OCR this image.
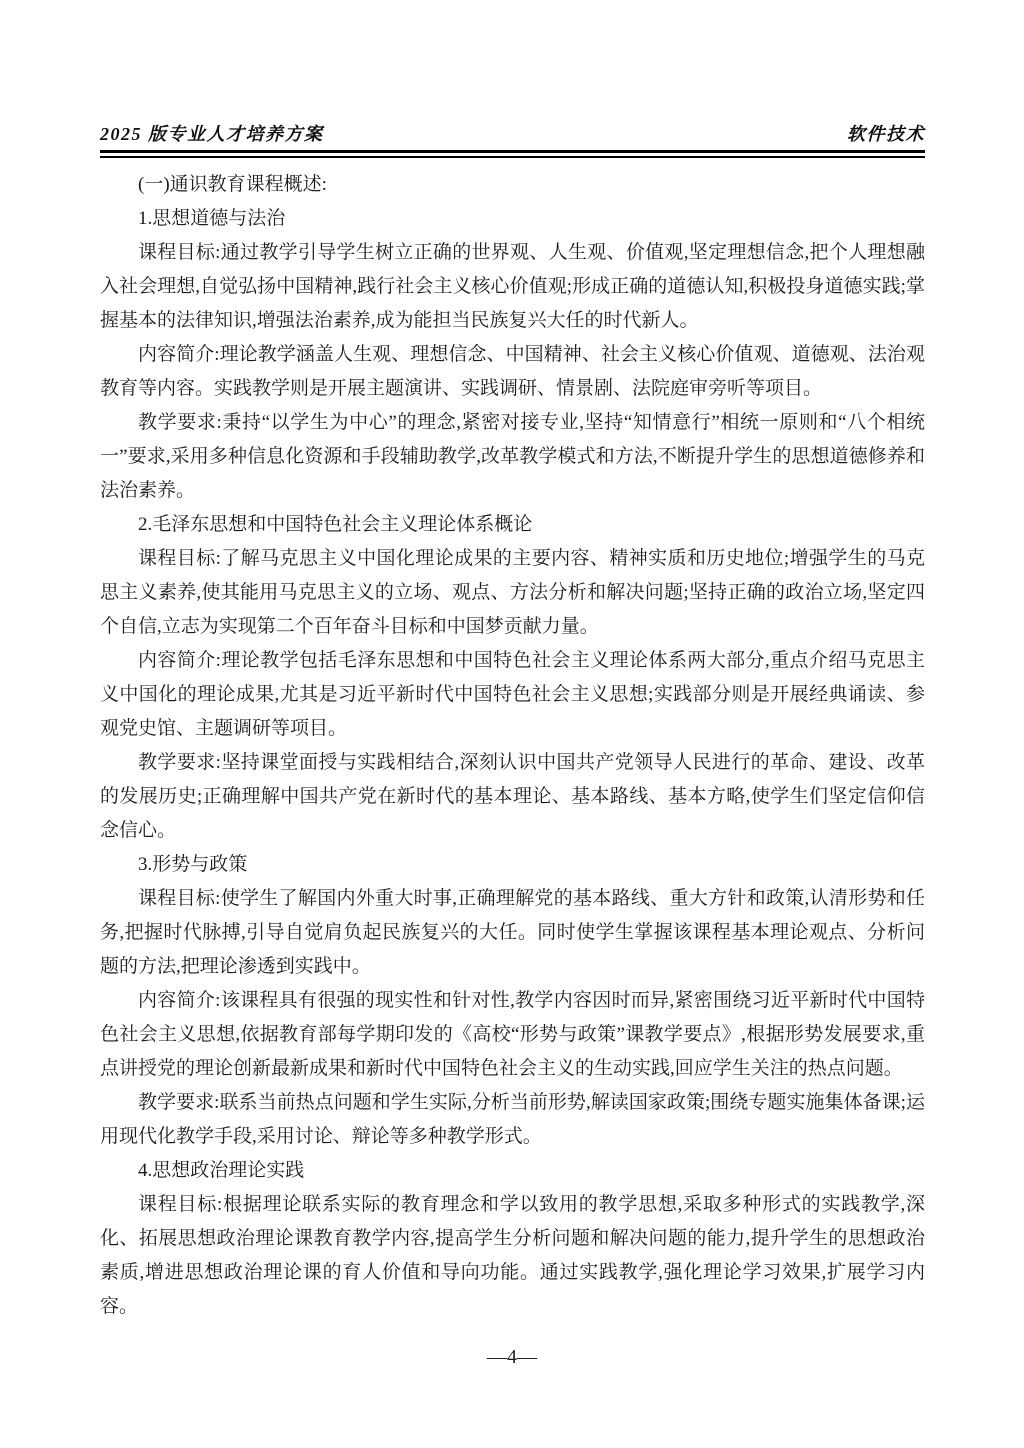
2025 版专业人才培养方案	软件技术

(一)通识教育课程概述:

1.思想道德与法治

课程目标:通过教学引导学生树立正确的世界观、人生观、价值观,坚定理想信念,把个人理想融入社会理想,自觉弘扬中国精神,践行社会主义核心价值观;形成正确的道德认知,积极投身道德实践;掌握基本的法律知识,增强法治素养,成为能担当民族复兴大任的时代新人。

内容简介:理论教学涵盖人生观、理想信念、中国精神、社会主义核心价值观、道德观、法治观教育等内容。实践教学则是开展主题演讲、实践调研、情景剧、法院庭审旁听等项目。

教学要求:秉持“以学生为中心”的理念,紧密对接专业,坚持“知情意行”相统一原则和“八个相统一”要求,采用多种信息化资源和手段辅助教学,改革教学模式和方法,不断提升学生的思想道德修养和法治素养。

2.毛泽东思想和中国特色社会主义理论体系概论

课程目标:了解马克思主义中国化理论成果的主要内容、精神实质和历史地位;增强学生的马克思主义素养,使其能用马克思主义的立场、观点、方法分析和解决问题;坚持正确的政治立场,坚定四个自信,立志为实现第二个百年奋斗目标和中国梦贡献力量。

内容简介:理论教学包括毛泽东思想和中国特色社会主义理论体系两大部分,重点介绍马克思主义中国化的理论成果,尤其是习近平新时代中国特色社会主义思想;实践部分则是开展经典诵读、参观党史馆、主题调研等项目。

教学要求:坚持课堂面授与实践相结合,深刻认识中国共产党领导人民进行的革命、建设、改革的发展历史;正确理解中国共产党在新时代的基本理论、基本路线、基本方略,使学生们坚定信仰信念信心。

3.形势与政策

课程目标:使学生了解国内外重大时事,正确理解党的基本路线、重大方针和政策,认清形势和任务,把握时代脉搏,引导自觉肩负起民族复兴的大任。同时使学生掌握该课程基本理论观点、分析问题的方法,把理论渗透到实践中。

内容简介:该课程具有很强的现实性和针对性,教学内容因时而异,紧密围绕习近平新时代中国特色社会主义思想,依据教育部每学期印发的《高校“形势与政策”课教学要点》,根据形势发展要求,重点讲授党的理论创新最新成果和新时代中国特色社会主义的生动实践,回应学生关注的热点问题。

教学要求:联系当前热点问题和学生实际,分析当前形势,解读国家政策;围绕专题实施集体备课;运用现代化教学手段,采用讨论、辩论等多种教学形式。

4.思想政治理论实践

课程目标:根据理论联系实际的教育理念和学以致用的教学思想,采取多种形式的实践教学,深化、拓展思想政治理论课教育教学内容,提高学生分析问题和解决问题的能力,提升学生的思想政治素质,增进思想政治理论课的育人价值和导向功能。通过实践教学,强化理论学习效果,扩展学习内容。

—4—
